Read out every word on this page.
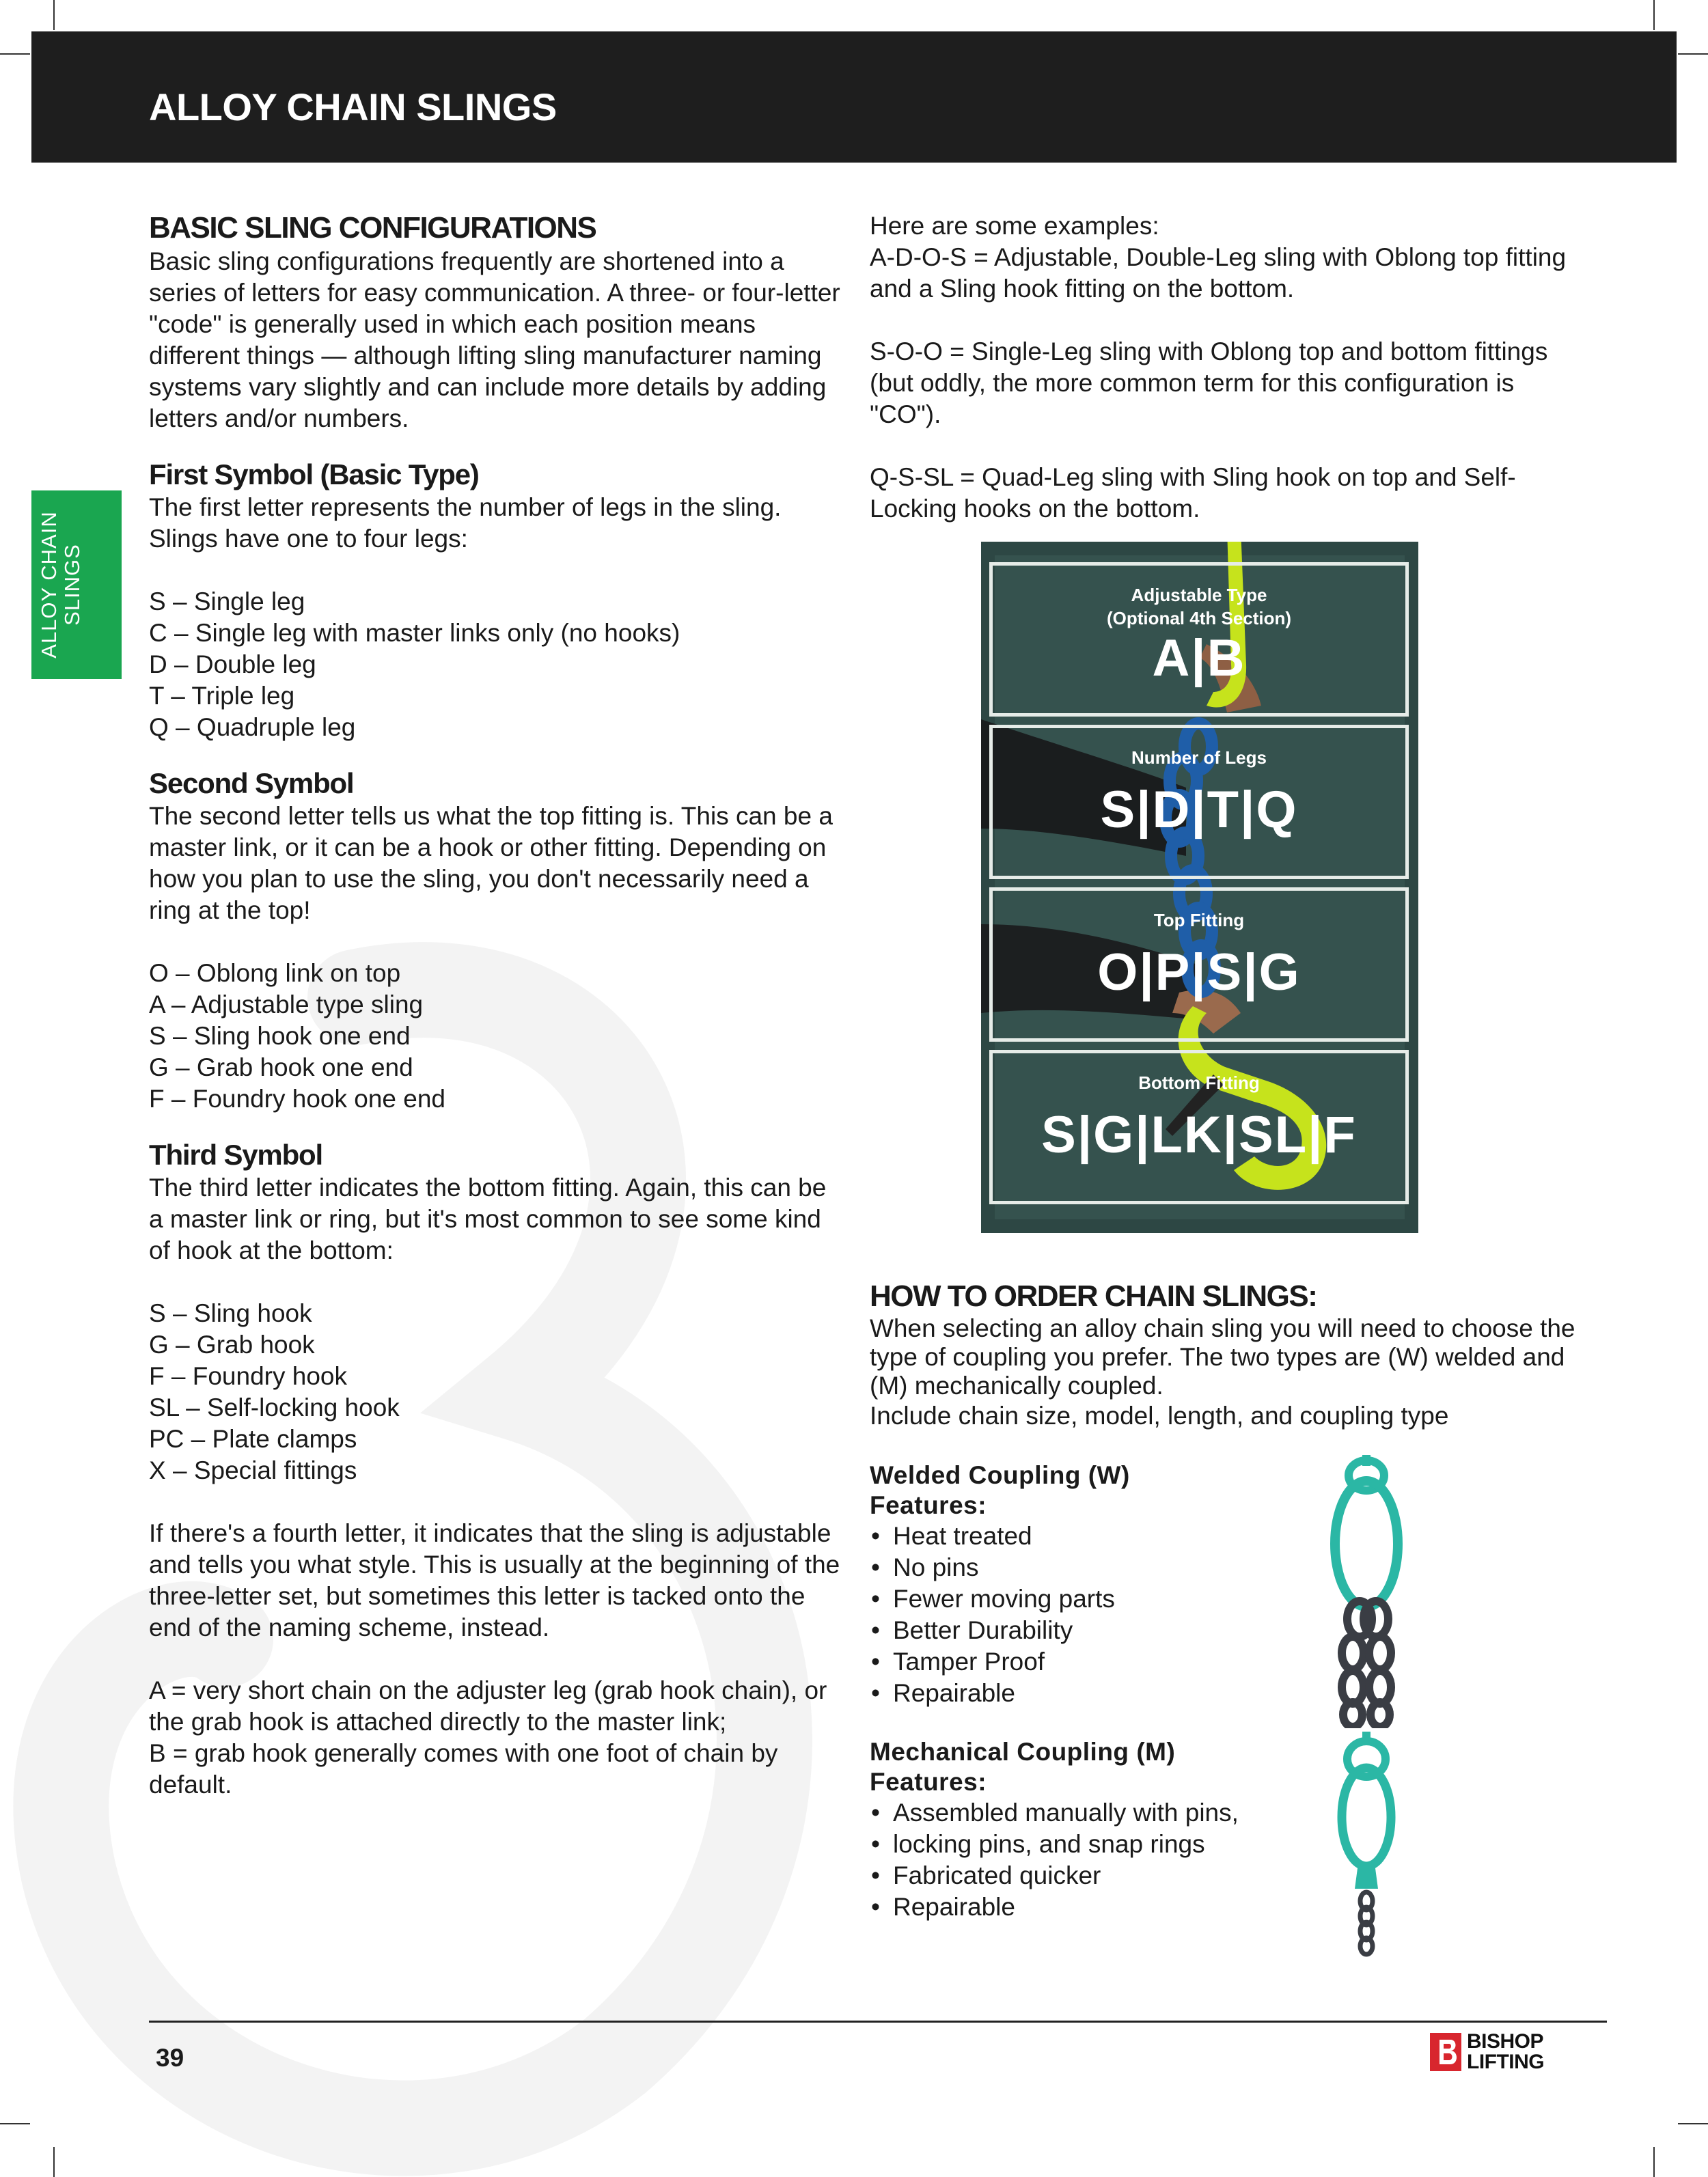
ALLOY CHAIN SLINGS
ALLOY CHAIN SLINGS
BASIC SLING CONFIGURATIONS

Basic sling configurations frequently are shortened into a series of letters for easy communication. A three- or four-letter "code" is generally used in which each position means different things — although lifting sling manufacturer naming systems vary slightly and can include more details by adding letters and/or numbers.

First Symbol (Basic Type)

The first letter represents the number of legs in the sling. Slings have one to four legs:

S – Single leg
C – Single leg with master links only (no hooks)
D – Double leg
T – Triple leg
Q – Quadruple leg
Second Symbol

The second letter tells us what the top fitting is. This can be a master link, or it can be a hook or other fitting. Depending on how you plan to use the sling, you don't necessarily need a ring at the top!

O – Oblong link on top
A – Adjustable type sling
S – Sling hook one end
G – Grab hook one end
F – Foundry hook one end
Third Symbol

The third letter indicates the bottom fitting. Again, this can be a master link or ring, but it's most common to see some kind of hook at the bottom:

S – Sling hook
G – Grab hook
F – Foundry hook
SL – Self-locking hook
PC – Plate clamps
X – Special fittings

If there's a fourth letter, it indicates that the sling is adjustable and tells you what style. This is usually at the beginning of the three-letter set, but sometimes this letter is tacked onto the end of the naming scheme, instead.

A = very short chain on the adjuster leg (grab hook chain), or the grab hook is attached directly to the master link;

B = grab hook generally comes with one foot of chain by default.

Here are some examples:

A-D-O-S = Adjustable, Double-Leg sling with Oblong top fitting and a Sling hook fitting on the bottom.

S-O-O = Single-Leg sling with Oblong top and bottom fittings (but oddly, the more common term for this configuration is "CO").

Q-S-SL = Quad-Leg sling with Sling hook on top and Self-Locking hooks on the bottom.

Adjustable Type
(Optional 4th Section)
A|B
Number of Legs
S|D|T|Q
Top Fitting
O|P|S|G
Bottom Fitting
S|G|LK|SL|F
HOW TO ORDER CHAIN SLINGS:

When selecting an alloy chain sling you will need to choose the type of coupling you prefer. The two types are (W) welded and (M) mechanically coupled.

Include chain size, model, length, and coupling type

Welded Coupling (W)

Features:

• Heat treated
• No pins
• Fewer moving parts
• Better Durability
• Tamper Proof
• Repairable

Mechanical Coupling (M)

Features:

• Assembled manually with pins,
• locking pins, and snap rings
• Fabricated quicker
• Repairable
39
BISHOP
LIFTING
